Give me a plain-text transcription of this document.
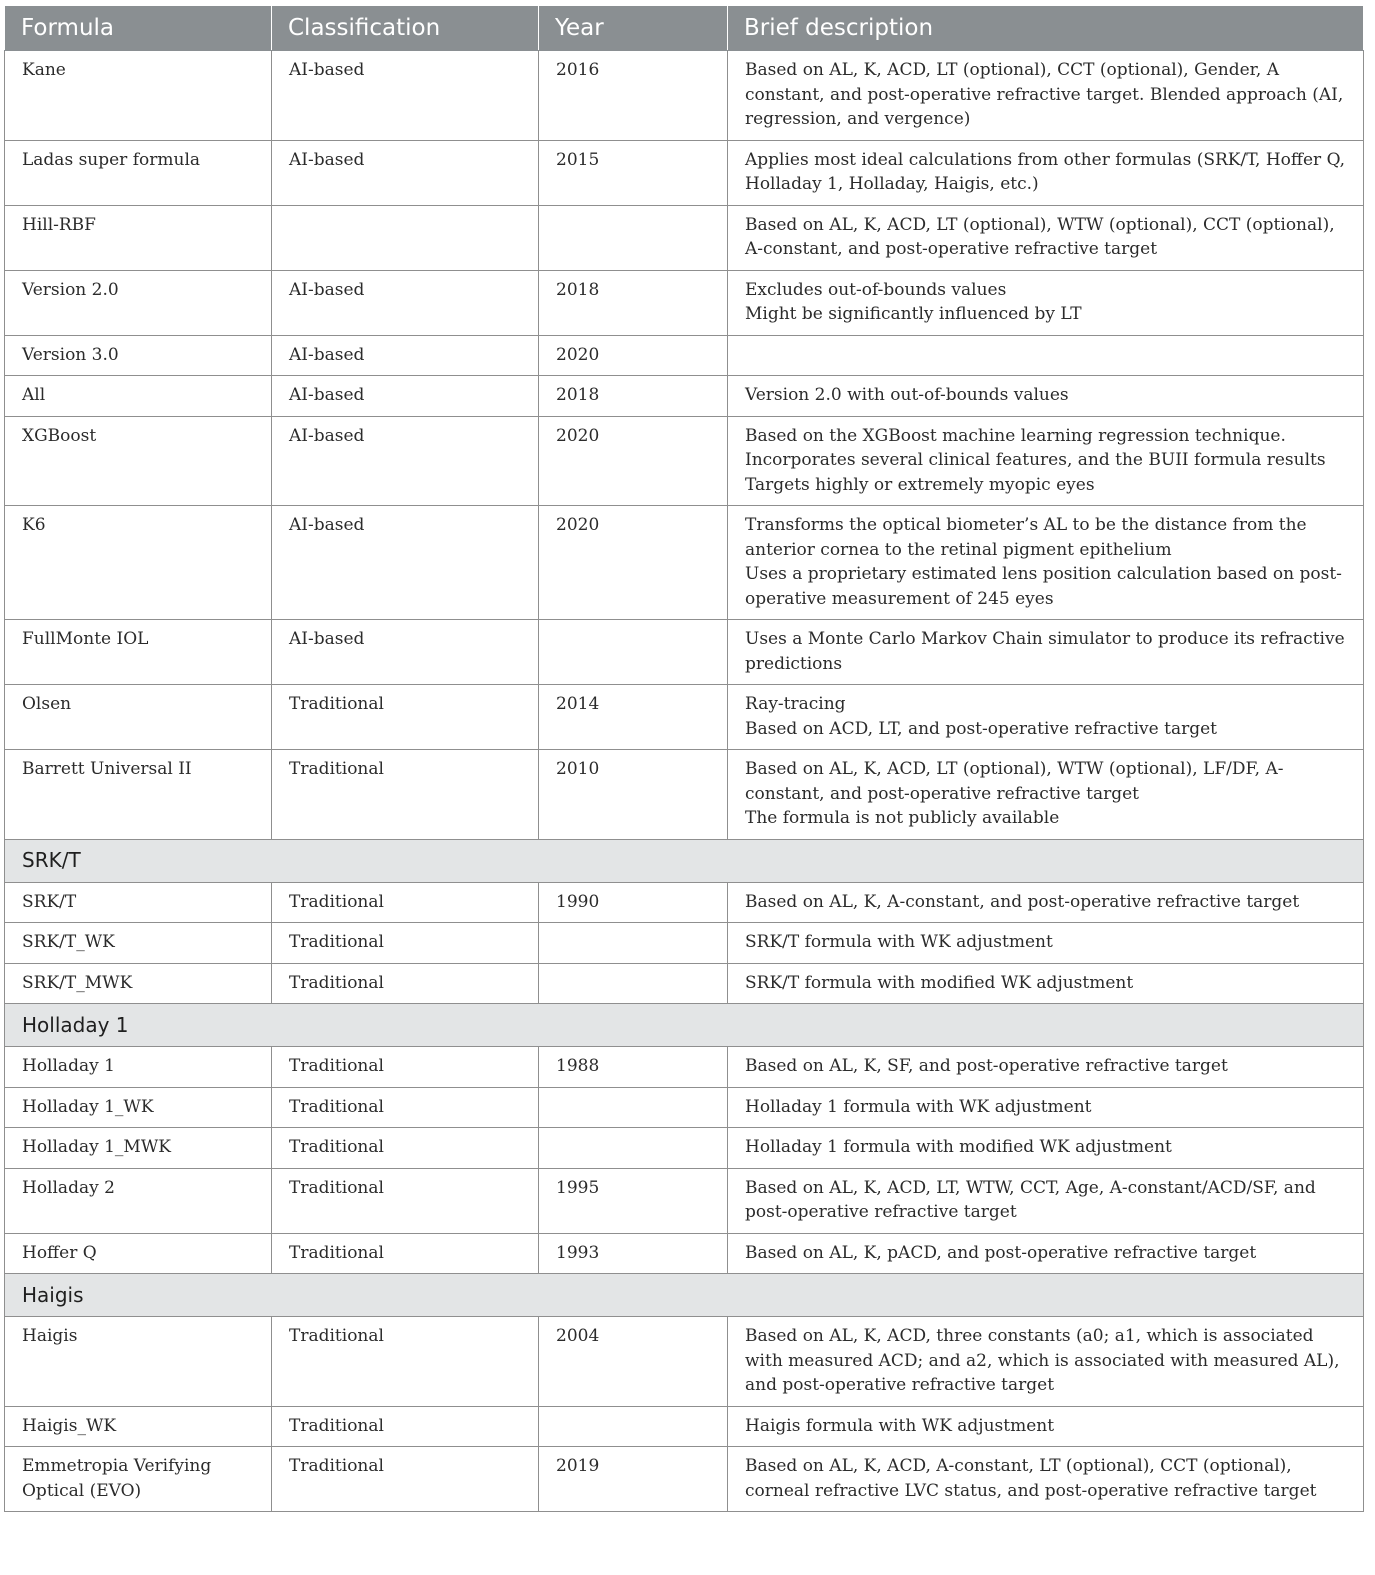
Formula	Classification	Year	Brief description
Kane	AI-based	2016	Based on AL, K, ACD, LT (optional), CCT (optional), Gender, A constant, and post-operative refractive target. Blended approach (AI, regression, and vergence)

Ladas super formula	AI-based	2015	Applies most ideal calculations from other formulas (SRK/T, Hoffer Q, Holladay 1, Holladay, Haigis, etc.)

Hill-RBF			Based on AL, K, ACD, LT (optional), WTW (optional), CCT (optional), A-constant, and post-operative refractive target

Version 2.0	AI-based	2018	Excludes out-of-bounds values
Might be significantly influenced by LT

Version 3.0	AI-based	2020	

All	AI-based	2018	Version 2.0 with out-of-bounds values

XGBoost	AI-based	2020	Based on the XGBoost machine learning regression technique.
Incorporates several clinical features, and the BUII formula results
Targets highly or extremely myopic eyes

K6	AI-based	2020	Transforms the optical biometer’s AL to be the distance from the anterior cornea to the retinal pigment epithelium
Uses a proprietary estimated lens position calculation based on post-operative measurement of 245 eyes

FullMonte IOL	AI-based		Uses a Monte Carlo Markov Chain simulator to produce its refractive predictions

Olsen	Traditional	2014	Ray-tracing
Based on ACD, LT, and post-operative refractive target

Barrett Universal II	Traditional	2010	Based on AL, K, ACD, LT (optional), WTW (optional), LF/DF, A-constant, and post-operative refractive target
The formula is not publicly available

SRK/T			
SRK/T	Traditional	1990	Based on AL, K, A-constant, and post-operative refractive target

SRK/T_WK	Traditional		SRK/T formula with WK adjustment

SRK/T_MWK	Traditional		SRK/T formula with modified WK adjustment

Holladay 1			
Holladay 1	Traditional	1988	Based on AL, K, SF, and post-operative refractive target

Holladay 1_WK	Traditional		Holladay 1 formula with WK adjustment

Holladay 1_MWK	Traditional		Holladay 1 formula with modified WK adjustment

Holladay 2	Traditional	1995	Based on AL, K, ACD, LT, WTW, CCT, Age, A-constant/ACD/SF, and post-operative refractive target

Hoffer Q	Traditional	1993	Based on AL, K, pACD, and post-operative refractive target

Haigis			
Haigis	Traditional	2004	Based on AL, K, ACD, three constants (a0; a1, which is associated with measured ACD; and a2, which is associated with measured AL), and post-operative refractive target

Haigis_WK	Traditional		Haigis formula with WK adjustment

Emmetropia Verifying Optical (EVO)	Traditional	2019	Based on AL, K, ACD, A-constant, LT (optional), CCT (optional), corneal refractive LVC status, and post-operative refractive target
